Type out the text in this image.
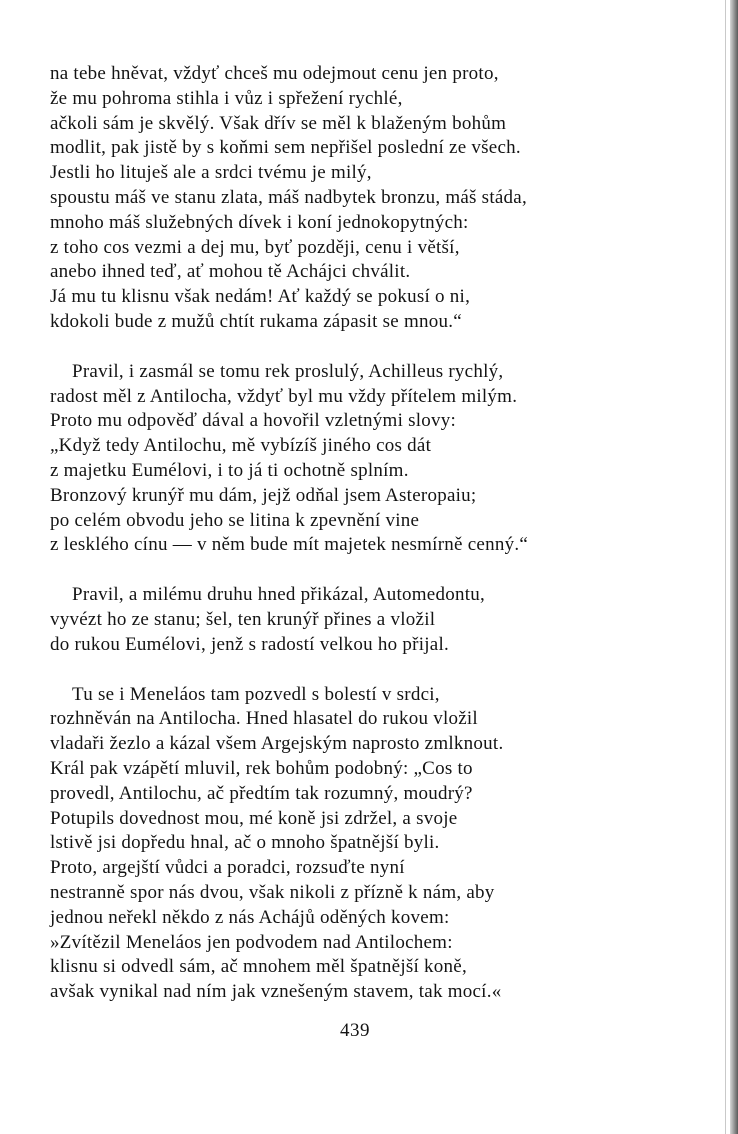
na tebe hněvat, vždyť chceš mu odejmout cenu jen proto,
že mu pohroma stihla i vůz i spřežení rychlé,
ačkoli sám je skvělý. Však dřív se měl k blaženým bohům
modlit, pak jistě by s koňmi sem nepřišel poslední ze všech.
Jestli ho lituješ ale a srdci tvému je milý,
spoustu máš ve stanu zlata, máš nadbytek bronzu, máš stáda,
mnoho máš služebných dívek i koní jednokopytných:
z toho cos vezmi a dej mu, byť později, cenu i větší,
anebo ihned teď, ať mohou tě Achájci chválit.
Já mu tu klisnu však nedám! Ať každý se pokusí o ni,
kdokoli bude z mužů chtít rukama zápasit se mnou.“
Pravil, i zasmál se tomu rek proslulý, Achilleus rychlý,
radost měl z Antilocha, vždyť byl mu vždy přítelem milým.
Proto mu odpověď dával a hovořil vzletnými slovy:
„Když tedy Antilochu, mě vybízíš jiného cos dát
z majetku Eumélovi, i to já ti ochotně splním.
Bronzový krunýř mu dám, jejž odňal jsem Asteropaiu;
po celém obvodu jeho se litina k zpevnění vine
z lesklého cínu — v něm bude mít majetek nesmírně cenný.“
Pravil, a milému druhu hned přikázal, Automedontu,
vyvézt ho ze stanu; šel, ten krunýř přines a vložil
do rukou Eumélovi, jenž s radostí velkou ho přijal.
Tu se i Meneláos tam pozvedl s bolestí v srdci,
rozhněván na Antilocha. Hned hlasatel do rukou vložil
vladaři žezlo a kázal všem Argejským naprosto zmlknout.
Král pak vzápětí mluvil, rek bohům podobný: „Cos to
provedl, Antilochu, ač předtím tak rozumný, moudrý?
Potupils dovednost mou, mé koně jsi zdržel, a svoje
lstivě jsi dopředu hnal, ač o mnoho špatnější byli.
Proto, argejští vůdci a poradci, rozsuďte nyní
nestranně spor nás dvou, však nikoli z přízně k nám, aby
jednou neřekl někdo z nás Achájů oděných kovem:
»Zvítězil Meneláos jen podvodem nad Antilochem:
klisnu si odvedl sám, ač mnohem měl špatnější koně,
avšak vynikal nad ním jak vznešeným stavem, tak mocí.«
439
